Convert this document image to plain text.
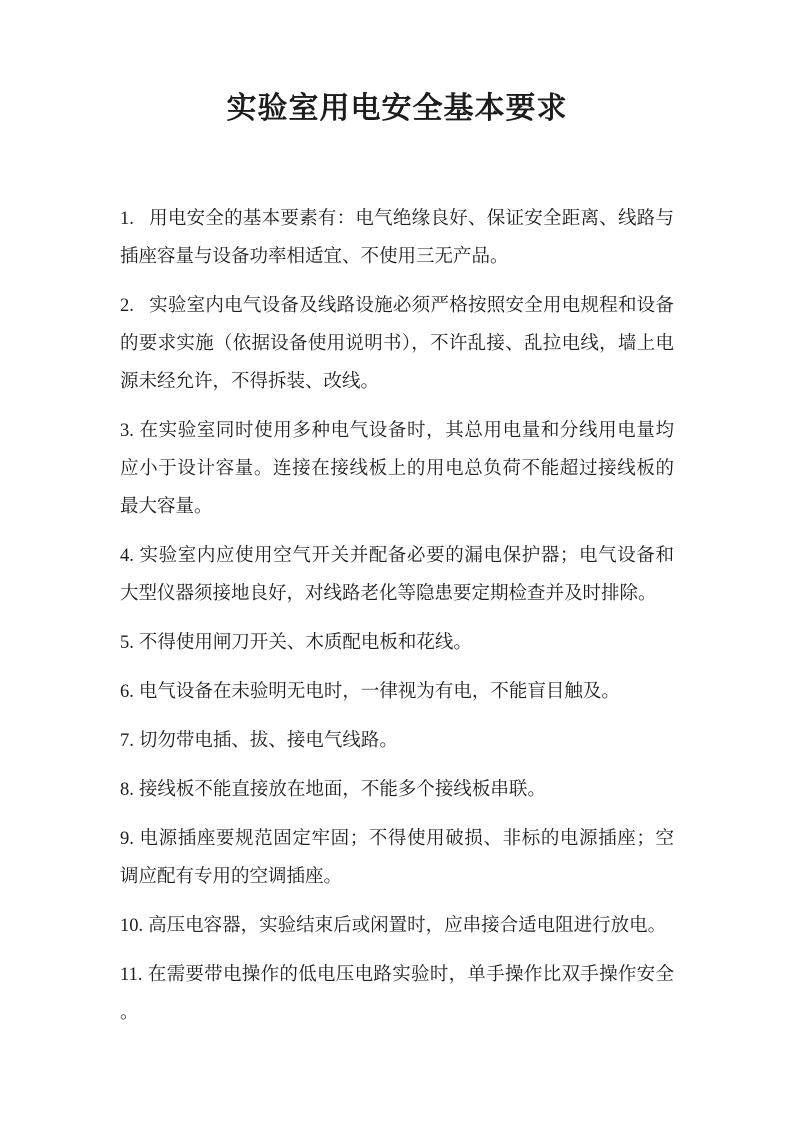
实验室用电安全基本要求

1. 用电安全的基本要素有：电气绝缘良好、保证安全距离、线路与插座容量与设备功率相适宜、不使用三无产品。

2. 实验室内电气设备及线路设施必须严格按照安全用电规程和设备的要求实施（依据设备使用说明书），不许乱接、乱拉电线，墙上电源未经允许，不得拆装、改线。

3. 在实验室同时使用多种电气设备时，其总用电量和分线用电量均应小于设计容量。连接在接线板上的用电总负荷不能超过接线板的最大容量。

4. 实验室内应使用空气开关并配备必要的漏电保护器；电气设备和大型仪器须接地良好，对线路老化等隐患要定期检查并及时排除。

5. 不得使用闸刀开关、木质配电板和花线。

6. 电气设备在未验明无电时，一律视为有电，不能盲目触及。

7. 切勿带电插、拔、接电气线路。

8. 接线板不能直接放在地面，不能多个接线板串联。

9. 电源插座要规范固定牢固；不得使用破损、非标的电源插座；空调应配有专用的空调插座。

10. 高压电容器，实验结束后或闲置时，应串接合适电阻进行放电。

11. 在需要带电操作的低电压电路实验时，单手操作比双手操作安全 。
